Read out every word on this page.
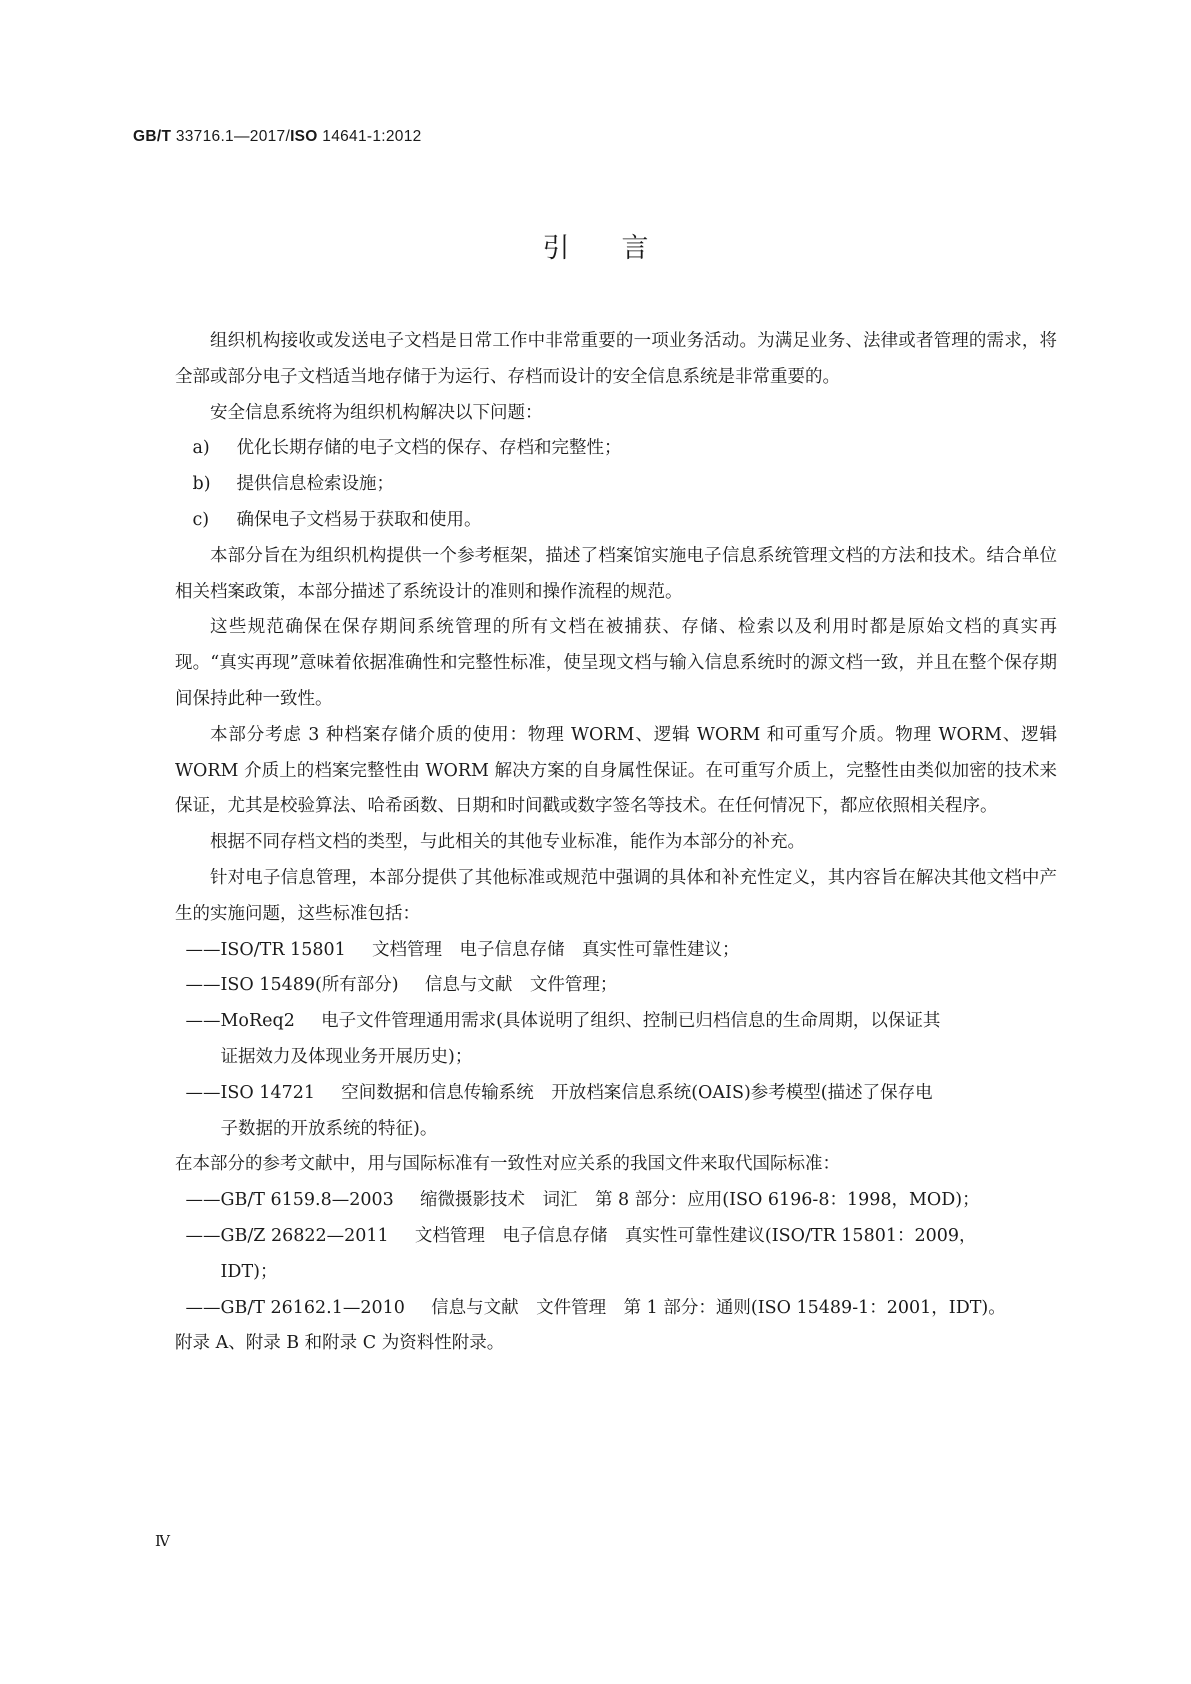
GB/T 33716.1—2017/ISO 14641-1:2012
引言

组织机构接收或发送电子文档是日常工作中非常重要的一项业务活动。为满足业务、法律或者管理的需求，将全部或部分电子文档适当地存储于为运行、存档而设计的安全信息系统是非常重要的。

安全信息系统将为组织机构解决以下问题：

a) 优化长期存储的电子文档的保存、存档和完整性；

b) 提供信息检索设施；

c) 确保电子文档易于获取和使用。

本部分旨在为组织机构提供一个参考框架，描述了档案馆实施电子信息系统管理文档的方法和技术。结合单位相关档案政策，本部分描述了系统设计的准则和操作流程的规范。

这些规范确保在保存期间系统管理的所有文档在被捕获、存储、检索以及利用时都是原始文档的真实再现。“真实再现”意味着依据准确性和完整性标准，使呈现文档与输入信息系统时的源文档一致，并且在整个保存期间保持此种一致性。

本部分考虑 3 种档案存储介质的使用：物理 WORM、逻辑 WORM 和可重写介质。物理 WORM、逻辑 WORM 介质上的档案完整性由 WORM 解决方案的自身属性保证。在可重写介质上，完整性由类似加密的技术来保证，尤其是校验算法、哈希函数、日期和时间戳或数字签名等技术。在任何情况下，都应依照相关程序。

根据不同存档文档的类型，与此相关的其他专业标准，能作为本部分的补充。

针对电子信息管理，本部分提供了其他标准或规范中强调的具体和补充性定义，其内容旨在解决其他文档中产生的实施问题，这些标准包括：

——ISO/TR 15801 文档管理　电子信息存储　真实性可靠性建议；

——ISO 15489(所有部分) 信息与文献　文件管理；

——MoReq2 电子文件管理通用需求(具体说明了组织、控制已归档信息的生命周期，以保证其

证据效力及体现业务开展历史)；

——ISO 14721 空间数据和信息传输系统　开放档案信息系统(OAIS)参考模型(描述了保存电

子数据的开放系统的特征)。

在本部分的参考文献中，用与国际标准有一致性对应关系的我国文件来取代国际标准：

——GB/T 6159.8—2003 缩微摄影技术　词汇　第 8 部分：应用(ISO 6196-8：1998，MOD)；

——GB/Z 26822—2011 文档管理　电子信息存储　真实性可靠性建议(ISO/TR 15801：2009，

IDT)；

——GB/T 26162.1—2010 信息与文献　文件管理　第 1 部分：通则(ISO 15489-1：2001，IDT)。

附录 A、附录 B 和附录 C 为资料性附录。

Ⅳ
